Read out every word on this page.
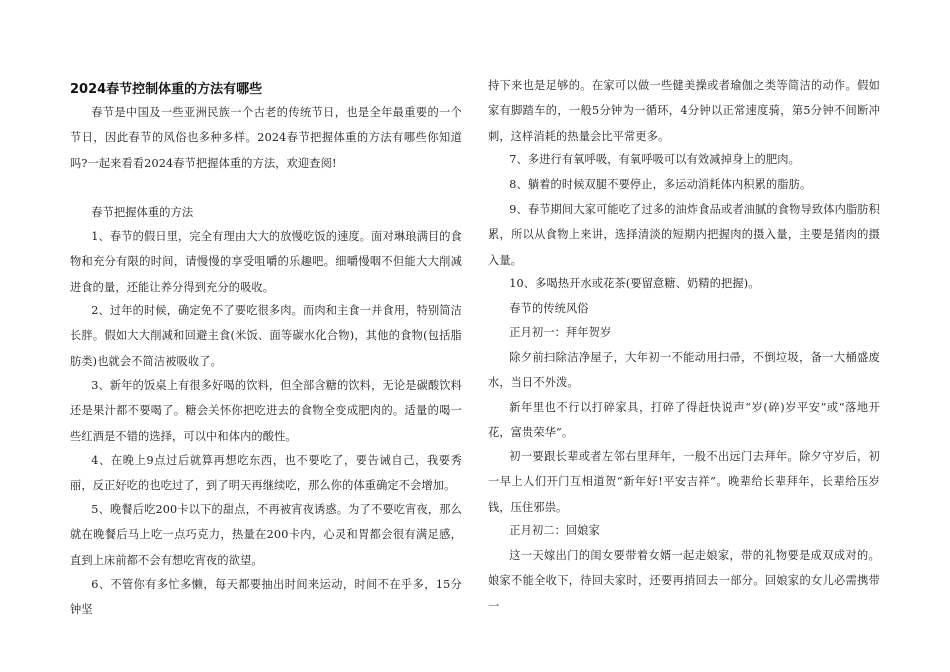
2024春节控制体重的方法有哪些

春节是中国及一些亚洲民族一个古老的传统节日，也是全年最重要的一个节日，因此春节的风俗也多种多样。2024春节把握体重的方法有哪些你知道吗?一起来看看2024春节把握体重的方法，欢迎查阅!

春节把握体重的方法

1、春节的假日里，完全有理由大大的放慢吃饭的速度。面对琳琅满目的食物和充分有限的时间，请慢慢的享受咀嚼的乐趣吧。细嚼慢咽不但能大大削减进食的量，还能让养分得到充分的吸收。

2、过年的时候，确定免不了要吃很多肉。而肉和主食一并食用，特别简洁长胖。假如大大削减和回避主食(米饭、面等碳水化合物)，其他的食物(包括脂肪类)也就会不简洁被吸收了。

3、新年的饭桌上有很多好喝的饮料，但全部含糖的饮料，无论是碳酸饮料还是果汁都不要喝了。糖会关怀你把吃进去的食物全变成肥肉的。适量的喝一些红酒是不错的选择，可以中和体内的酸性。

4、在晚上9点过后就算再想吃东西，也不要吃了，要告诫自己，我要秀丽，反正好吃的也吃过了，到了明天再继续吃，那么你的体重确定不会增加。

5、晚餐后吃200卡以下的甜点，不再被宵夜诱惑。为了不要吃宵夜，那么就在晚餐后马上吃一点巧克力，热量在200卡内，心灵和胃都会很有满足感，直到上床前都不会有想吃宵夜的欲望。

6、不管你有多忙多懒，每天都要抽出时间来运动，时间不在乎多，15分钟坚

持下来也是足够的。在家可以做一些健美操或者瑜伽之类等简洁的动作。假如家有脚踏车的，一般5分钟为一循环，4分钟以正常速度骑，第5分钟不间断冲刺，这样消耗的热量会比平常更多。

7、多进行有氧呼吸，有氧呼吸可以有效减掉身上的肥肉。

8、躺着的时候双腿不要停止，多运动消耗体内积累的脂肪。

9、春节期间大家可能吃了过多的油炸食品或者油腻的食物导致体内脂肪积累，所以从食物上来讲，选择清淡的短期内把握肉的摄入量，主要是猪肉的摄入量。

10、多喝热开水或花茶(要留意糖、奶精的把握)。

春节的传统风俗

正月初一：拜年贺岁

除夕前扫除洁净屋子，大年初一不能动用扫帚，不倒垃圾，备一大桶盛废水，当日不外泼。

新年里也不行以打碎家具，打碎了得赶快说声“岁(碎)岁平安”或“落地开花，富贵荣华”。

初一要跟长辈或者左邻右里拜年，一般不出远门去拜年。除夕守岁后，初一早上人们开门互相道贺“新年好!平安吉祥”。晚辈给长辈拜年，长辈给压岁钱，压住邪祟。

正月初二：回娘家

这一天嫁出门的闺女要带着女婿一起走娘家，带的礼物要是成双成对的。娘家不能全收下，待回夫家时，还要再捎回去一部分。回娘家的女儿必需携带一
